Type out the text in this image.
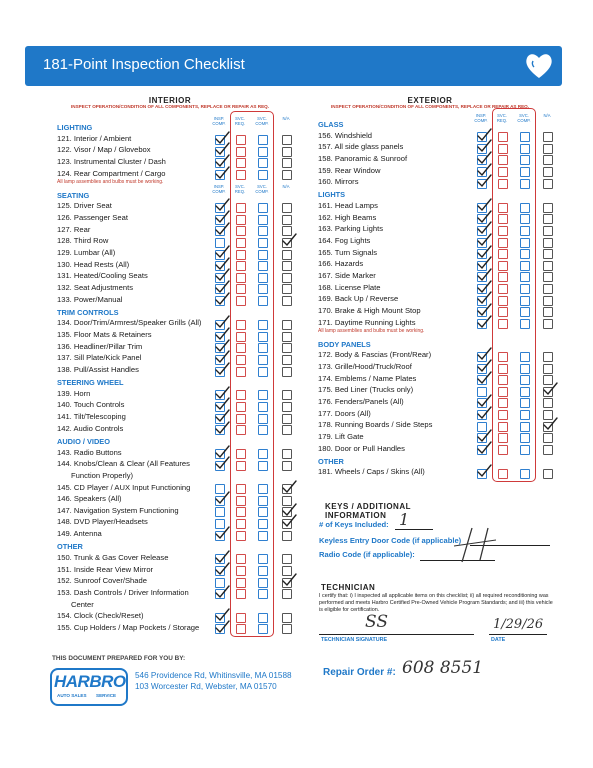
181-Point Inspection Checklist
INTERIOR
INSPECT OPERATION/CONDITION OF ALL COMPONENTS, REPLACE OR REPAIR AS REQ.
LIGHTING
INSP. COMP.
SVC. REQ.
SVC. COMP.
N/A
121. Interior / Ambient
122. Visor / Map / Glovebox
123. Instrumental Cluster / Dash
124. Rear Compartment / Cargo
All lamp assemblies and bulbs must be working.
SEATING
INSP. COMP.
SVC. REQ.
SVC. COMP.
N/A
125. Driver Seat
126. Passenger Seat
127. Rear
128. Third Row
129. Lumbar (All)
130. Head Rests (All)
131. Heated/Cooling Seats
132. Seat Adjustments
133. Power/Manual
TRIM CONTROLS
134. Door/Trim/Armrest/Speaker Grills (All)
135. Floor Mats & Retainers
136. Headliner/Pillar Trim
137. Sill Plate/Kick Panel
138. Pull/Assist Handles
STEERING WHEEL
139. Horn
140. Touch Controls
141. Tilt/Telescoping
142. Audio Controls
AUDIO / VIDEO
143. Radio Buttons
144. Knobs/Clean & Clear (All Features
Function Properly)
145. CD Player / AUX Input Functioning
146. Speakers (All)
147. Navigation System Functioning
148. DVD Player/Headsets
149. Antenna
OTHER
150. Trunk & Gas Cover Release
151. Inside Rear View Mirror
152. Sunroof Cover/Shade
153. Dash Controls / Driver Information
Center
154. Clock (Check/Reset)
155. Cup Holders / Map Pockets / Storage
EXTERIOR
INSPECT OPERATION/CONDITION OF ALL COMPONENTS, REPLACE OR REPAIR AS REQ.
GLASS
INSP. COMP.
SVC. REQ.
SVC. COMP.
N/A
156. Windshield
157. All side glass panels
158. Panoramic & Sunroof
159. Rear Window
160. Mirrors
LIGHTS
161. Head Lamps
162. High Beams
163. Parking Lights
164. Fog Lights
165. Turn Signals
166. Hazards
167. Side Marker
168. License Plate
169. Back Up / Reverse
170. Brake & High Mount Stop
171. Daytime Running Lights
All lamp assemblies and bulbs must be working.
BODY PANELS
172. Body & Fascias (Front/Rear)
173. Grille/Hood/Truck/Roof
174. Emblems / Name Plates
175. Bed Liner (Trucks only)
176. Fenders/Panels (All)
177. Doors (All)
178. Running Boards / Side Steps
179. Lift Gate
180. Door or Pull Handles
OTHER
181. Wheels / Caps / Skins (All)
KEYS / ADDITIONAL INFORMATION
# of Keys Included: 1
Keyless Entry Door Code (if applicable)
Radio Code (if applicable):
TECHNICIAN
I certify that: i) I inspected all applicable items on this checklist; ii) all required reconditioning was performed and meets Harbro Certified Pre-Owned Vehicle Program Standards; and iii) this vehicle is eligible for certification.
SS
TECHNICIAN SIGNATURE
1/29/26
DATE
THIS DOCUMENT PREPARED FOR YOU BY:
HARBRO
AUTO SALES SERVICE
546 Providence Rd, Whitinsville, MA 01588
103 Worcester Rd, Webster, MA 01570
Repair Order #: 608 8551
